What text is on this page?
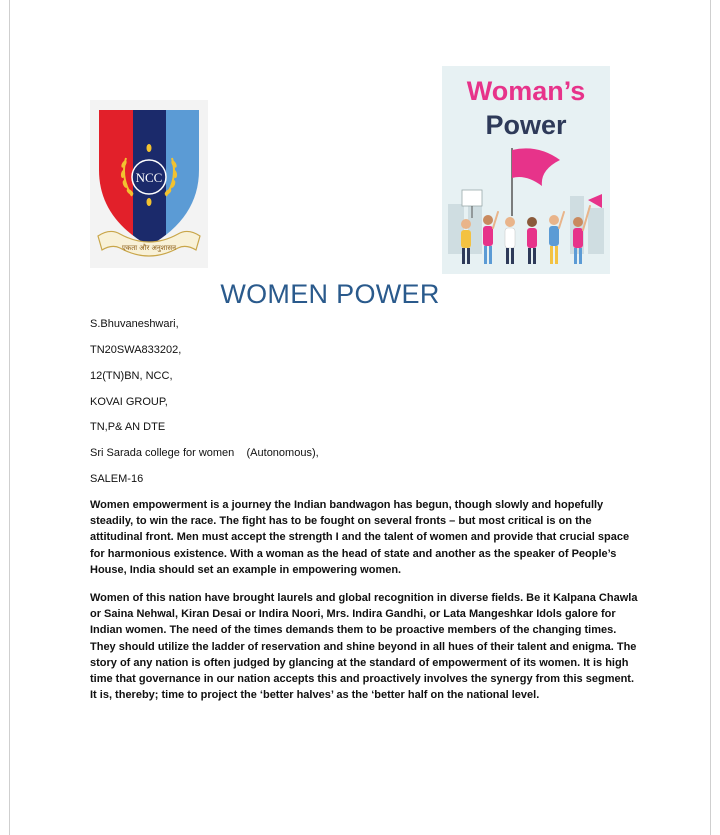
NCC
एकता और अनुशासन
Woman’s
Power
WOMEN POWER
S.Bhuvaneshwari,
TN20SWA833202,
12(TN)BN, NCC,
KOVAI GROUP,
TN,P& AN DTE
Sri Sarada college for women    (Autonomous),
SALEM-16

Women empowerment is a journey the Indian bandwagon has begun, though slowly and hopefully steadily, to win the race. The fight has to be fought on several fronts – but most critical is on the attitudinal front. Men must accept the strength I and the talent of women and provide that crucial space for harmonious existence. With a woman as the head of state and another as the speaker of People’s House, India should set an example in empowering women.

Women of this nation have brought laurels and global recognition in diverse fields. Be it Kalpana Chawla or Saina Nehwal, Kiran Desai or Indira Noori, Mrs. Indira Gandhi, or Lata Mangeshkar Idols galore for Indian women. The need of the times demands them to be proactive members of the changing times. They should utilize the ladder of reservation and shine beyond in all hues of their talent and enigma. The story of any nation is often judged by glancing at the standard of empowerment of its women. It is high time that governance in our nation accepts this and proactively involves the synergy from this segment. It is, thereby; time to project the ‘better halves’ as the ‘better half on the national level.
